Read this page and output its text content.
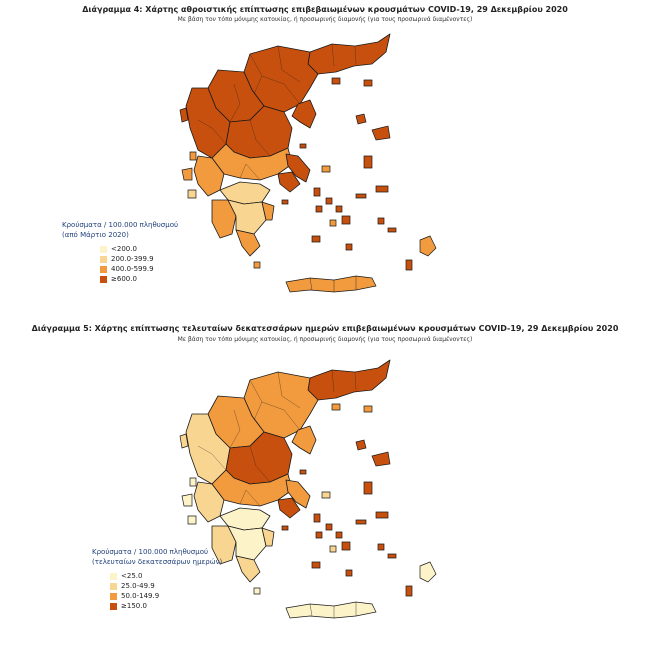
Διάγραμμα 4: Χάρτης αθροιστικής επίπτωσης επιβεβαιωμένων κρουσμάτων COVID-19, 29 Δεκεμβρίου 2020
Με βάση τον τόπο μόνιμης κατοικίας, ή προσωρινής διαμονής (για τους προσωρινά διαμένοντες)
Κρούσματα / 100.000 πληθυσμού
(από Μάρτιο 2020)
<200.0
200.0-399.9
400.0-599.9
≥600.0
Διάγραμμα 5: Χάρτης επίπτωσης τελευταίων δεκατεσσάρων ημερών επιβεβαιωμένων κρουσμάτων COVID-19, 29 Δεκεμβρίου 2020
Με βάση τον τόπο μόνιμης κατοικίας, ή προσωρινής διαμονής (για τους προσωρινά διαμένοντες)
Κρούσματα / 100.000 πληθυσμού
(τελευταίων δεκατεσσάρων ημερών)
<25.0
25.0-49.9
50.0-149.9
≥150.0
